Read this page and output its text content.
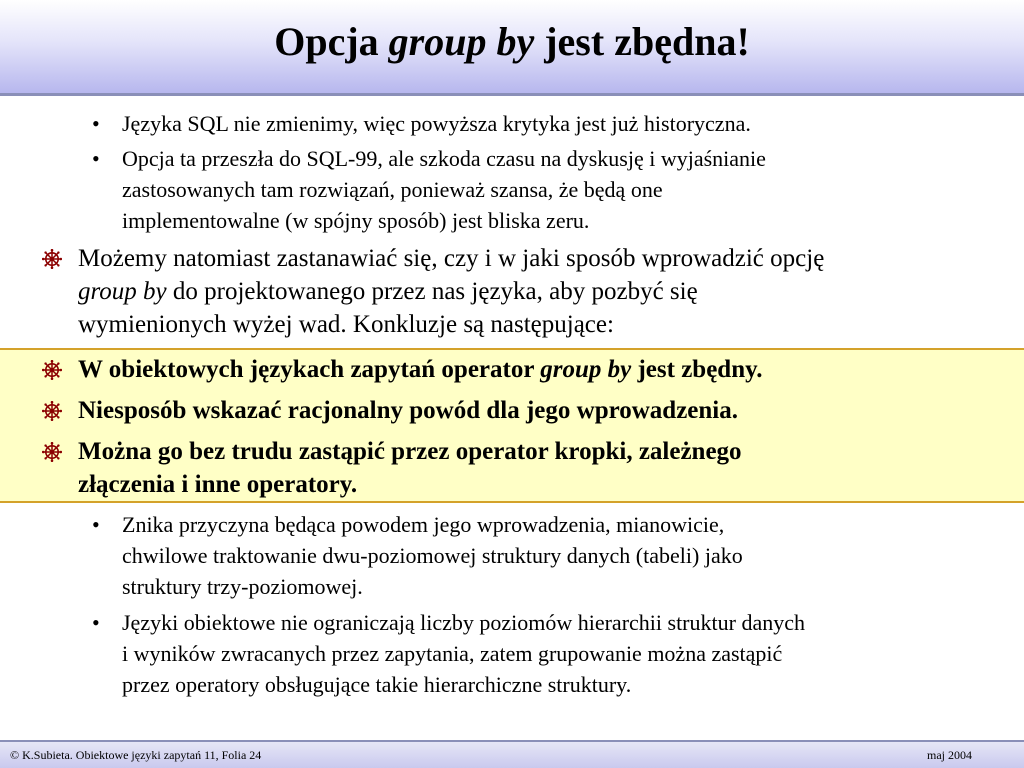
Opcja group by jest zbędna!
• Języka SQL nie zmienimy, więc powyższa krytyka jest już historyczna.
• Opcja ta przeszła do SQL-99, ale szkoda czasu na dyskusję i wyjaśnianie
zastosowanych tam rozwiązań, ponieważ szansa, że będą one
implementowalne (w spójny sposób) jest bliska zeru.
Możemy natomiast zastanawiać się, czy i w jaki sposób wprowadzić opcję
group by do projektowanego przez nas języka, aby pozbyć się
wymienionych wyżej wad. Konkluzje są następujące:
W obiektowych językach zapytań operator group by jest zbędny.
Niesposób wskazać racjonalny powód dla jego wprowadzenia.
Można go bez trudu zastąpić przez operator kropki, zależnego
złączenia i inne operatory.
• Znika przyczyna będąca powodem jego wprowadzenia, mianowicie,
chwilowe traktowanie dwu-poziomowej struktury danych (tabeli) jako
struktury trzy-poziomowej.
• Języki obiektowe nie ograniczają liczby poziomów hierarchii struktur danych
i wyników zwracanych przez zapytania, zatem grupowanie można zastąpić
przez operatory obsługujące takie hierarchiczne struktury.
© K.Subieta. Obiektowe języki zapytań 11, Folia 24	maj 2004
